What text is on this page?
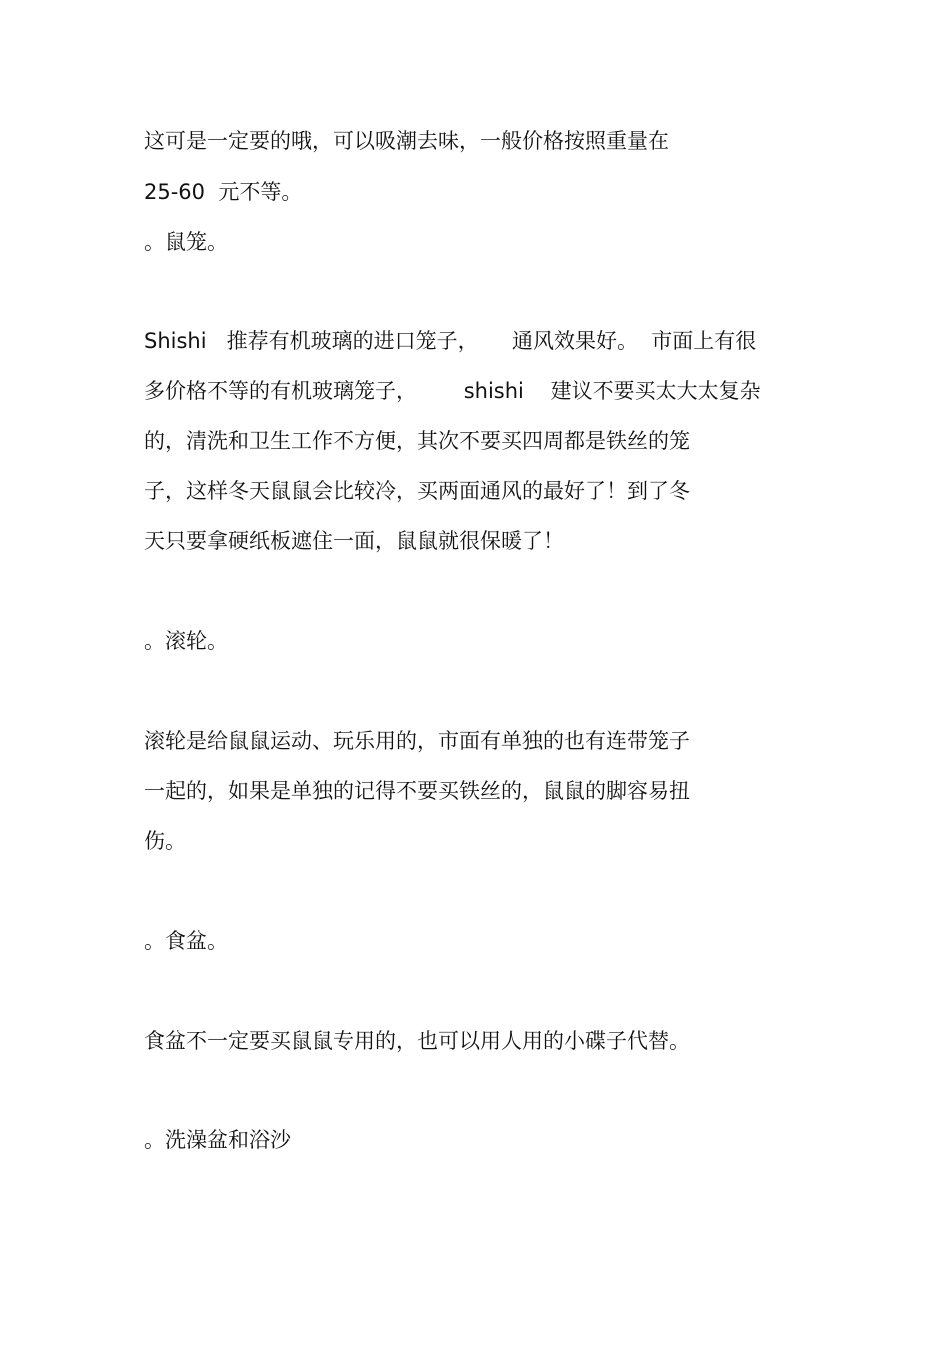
这可是一定要的哦，可以吸潮去味，一般价格按照重量在

25-60  元不等。

。鼠笼。

Shishi   推荐有机玻璃的进口笼子，     通风效果好。  市面上有很

多价格不等的有机玻璃笼子，       shishi    建议不要买太大太复杂

的，清洗和卫生工作不方便，其次不要买四周都是铁丝的笼

子，这样冬天鼠鼠会比较冷，买两面通风的最好了！到了冬

天只要拿硬纸板遮住一面，鼠鼠就很保暖了！

。滚轮。

滚轮是给鼠鼠运动、玩乐用的，市面有单独的也有连带笼子

一起的，如果是单独的记得不要买铁丝的，鼠鼠的脚容易扭

伤。

。食盆。

食盆不一定要买鼠鼠专用的，也可以用人用的小碟子代替。

。洗澡盆和浴沙
